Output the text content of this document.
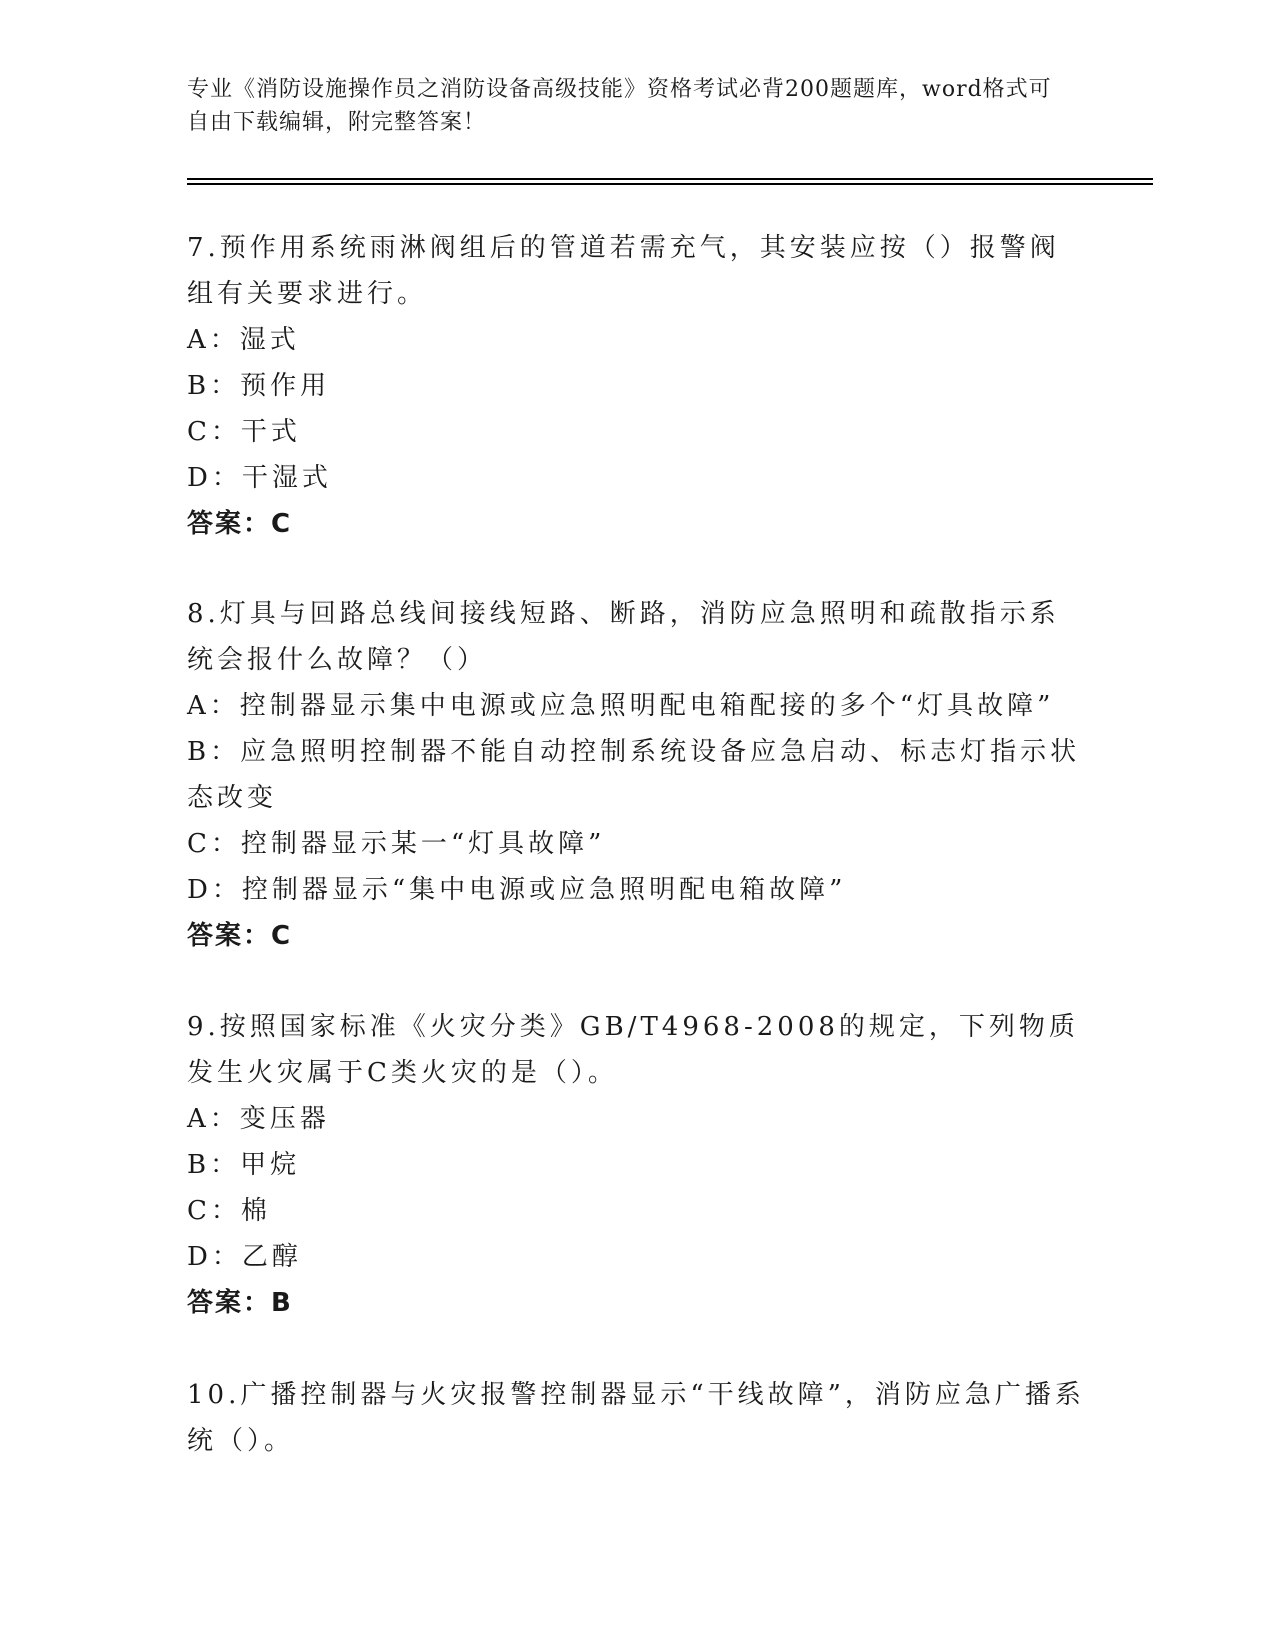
专业《消防设施操作员之消防设备高级技能》资格考试必背200题题库，word格式可自由下载编辑，附完整答案！
7.预作用系统雨淋阀组后的管道若需充气，其安装应按（）报警阀组有关要求进行。
A：湿式
B：预作用
C：干式
D：干湿式
答案：C
8.灯具与回路总线间接线短路、断路，消防应急照明和疏散指示系统会报什么故障？（）
A：控制器显示集中电源或应急照明配电箱配接的多个“灯具故障”
B：应急照明控制器不能自动控制系统设备应急启动、标志灯指示状态改变
C：控制器显示某一“灯具故障”
D：控制器显示“集中电源或应急照明配电箱故障”
答案：C
9.按照国家标准《火灾分类》GB/T4968-2008的规定，下列物质发生火灾属于C类火灾的是（）。
A：变压器
B：甲烷
C：棉
D：乙醇
答案：B
10.广播控制器与火灾报警控制器显示“干线故障”，消防应急广播系统（）。
